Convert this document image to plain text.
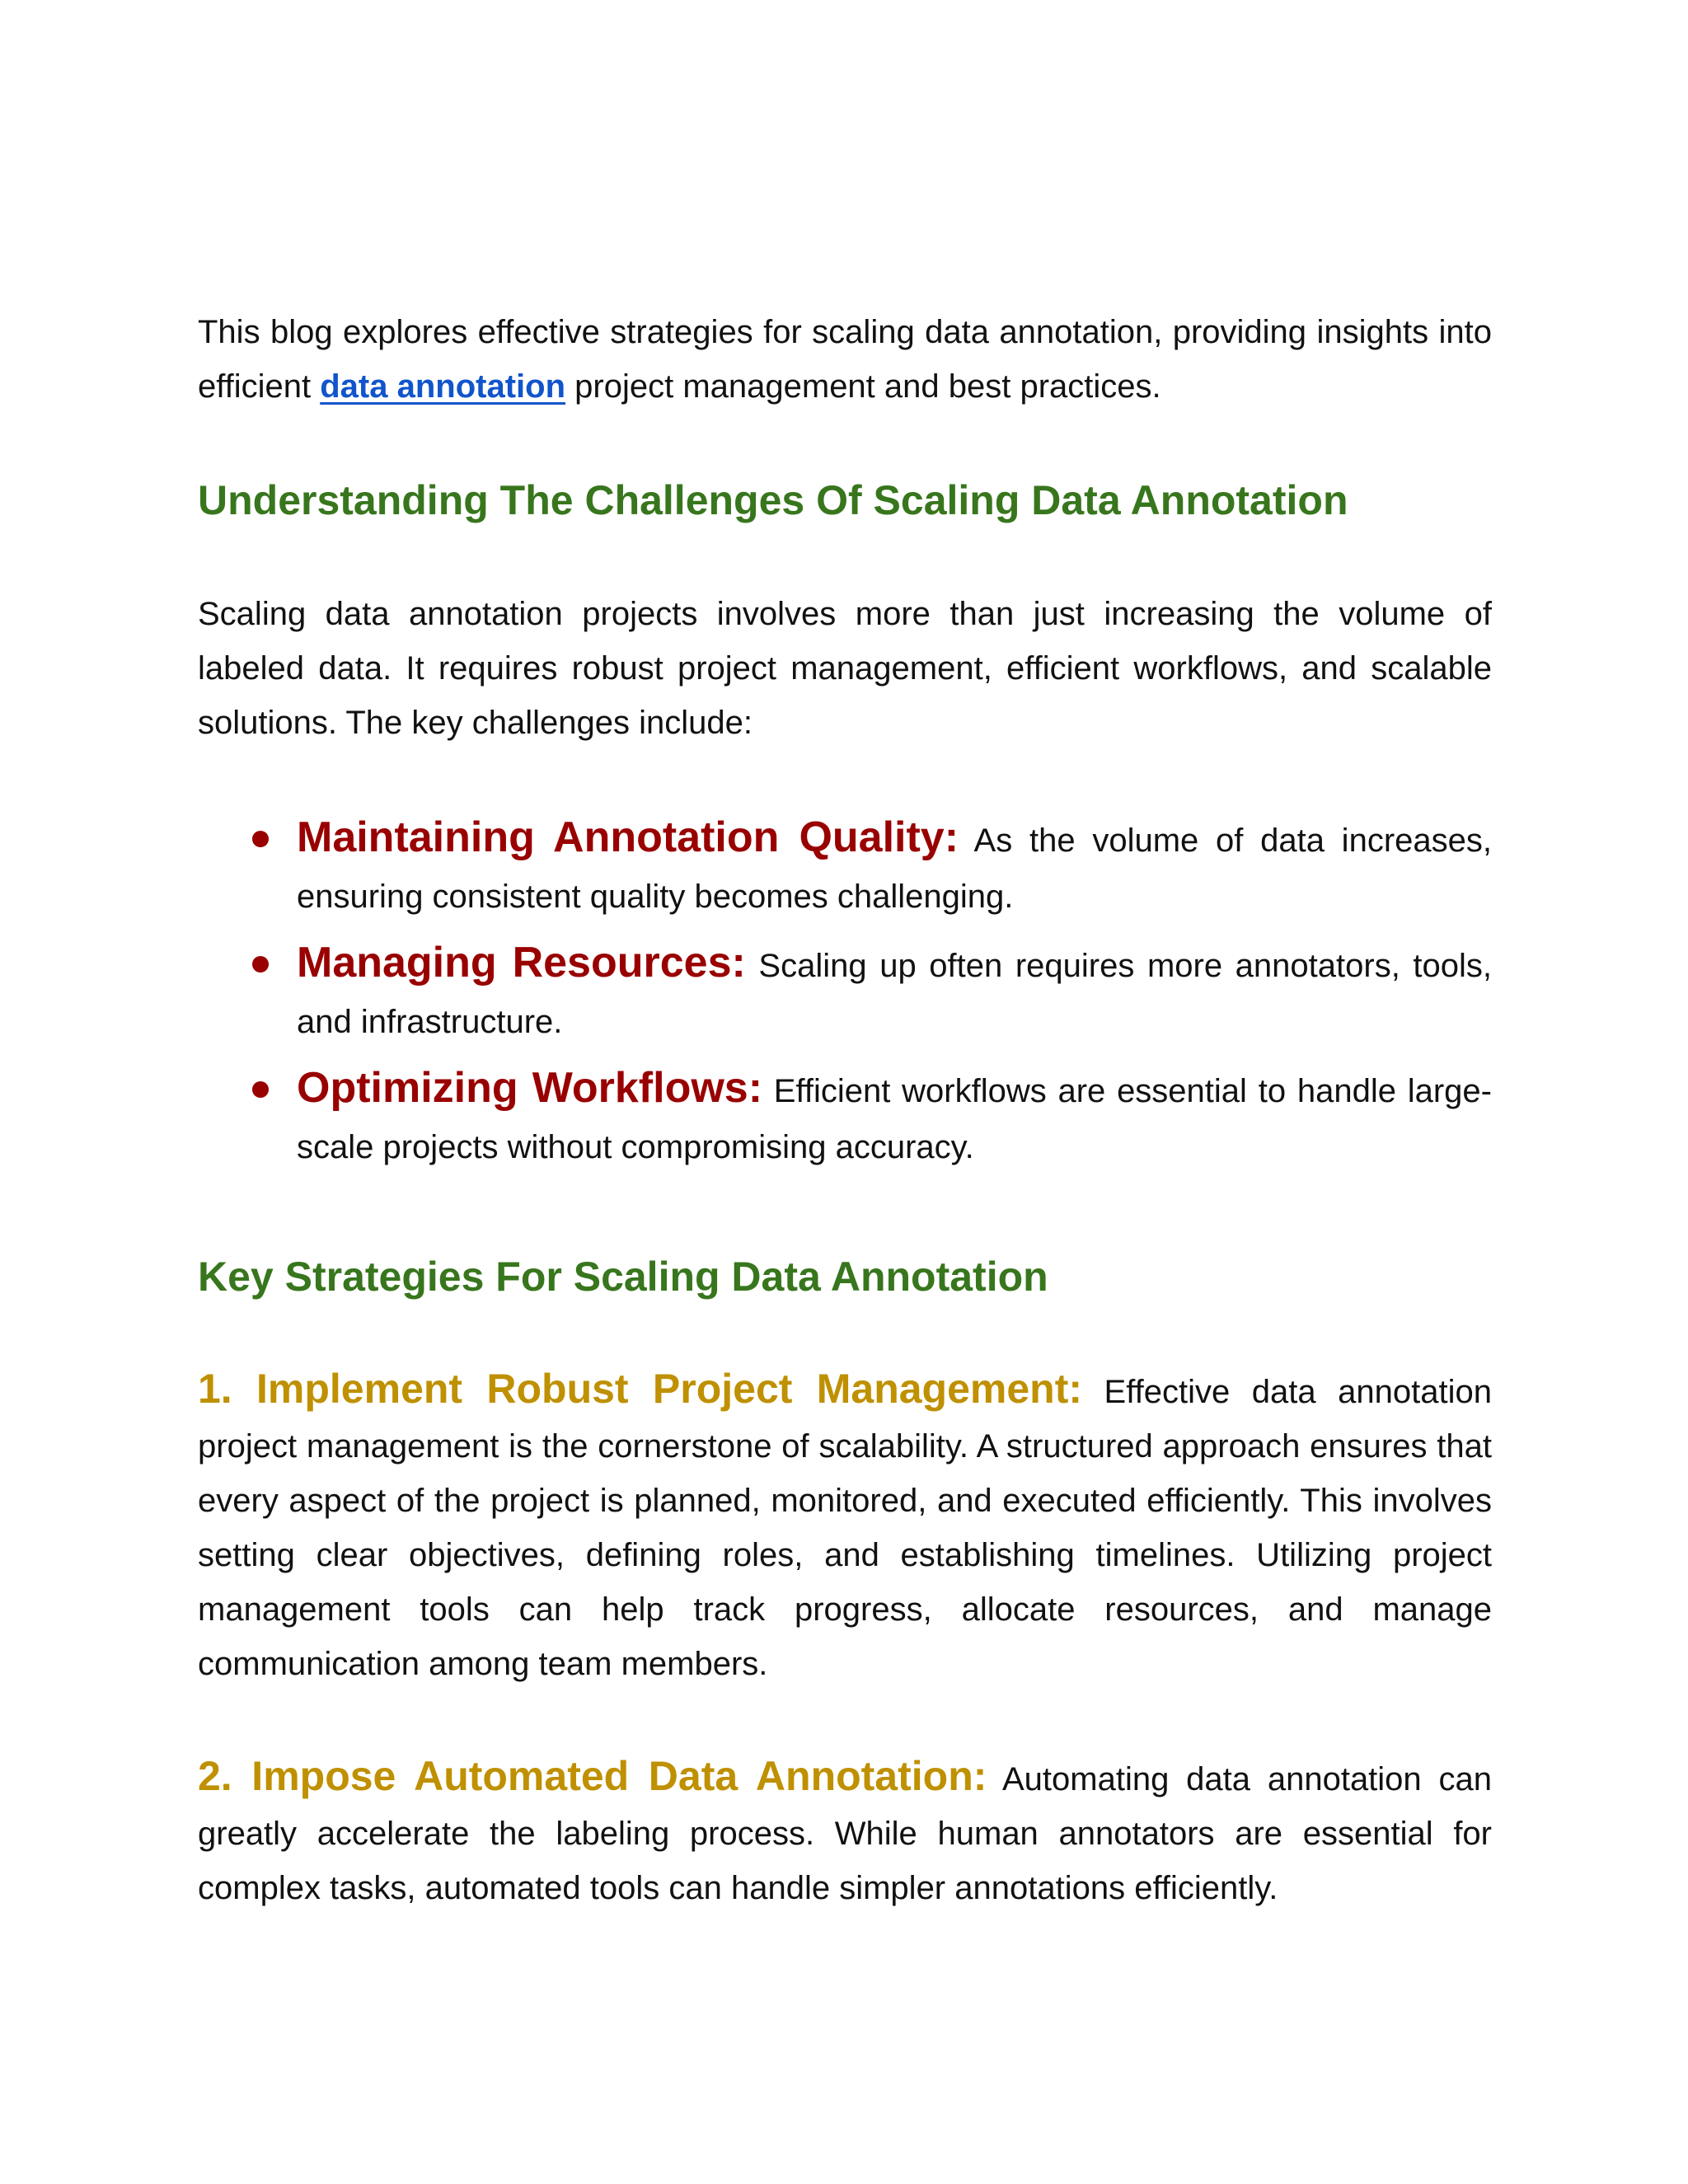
This blog explores effective strategies for scaling data annotation, providing insights into efficient data annotation project management and best practices.

Understanding The Challenges Of Scaling Data Annotation

Scaling data annotation projects involves more than just increasing the volume of labeled data. It requires robust project management, efficient workflows, and scalable solutions. The key challenges include:

Maintaining Annotation Quality: As the volume of data increases, ensuring consistent quality becomes challenging.
Managing Resources: Scaling up often requires more annotators, tools, and infrastructure.
Optimizing Workflows: Efficient workflows are essential to handle large-scale projects without compromising accuracy.
Key Strategies For Scaling Data Annotation

1. Implement Robust Project Management: Effective data annotation project management is the cornerstone of scalability. A structured approach ensures that every aspect of the project is planned, monitored, and executed efficiently. This involves setting clear objectives, defining roles, and establishing timelines. Utilizing project management tools can help track progress, allocate resources, and manage communication among team members.

2. Impose Automated Data Annotation: Automating data annotation can greatly accelerate the labeling process. While human annotators are essential for complex tasks, automated tools can handle simpler annotations efficiently.
